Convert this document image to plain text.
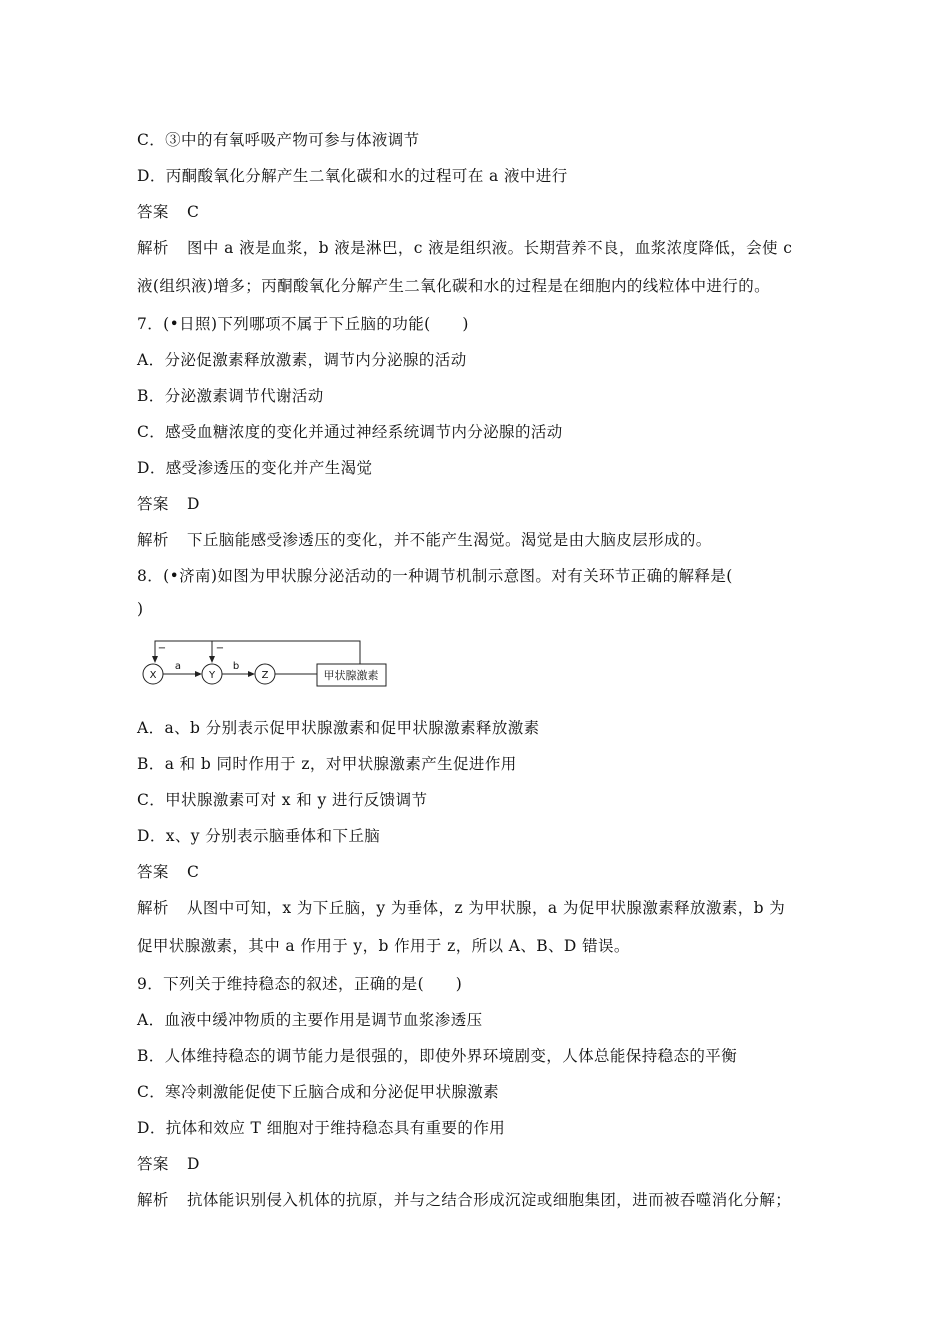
C．③中的有氧呼吸产物可参与体液调节
D．丙酮酸氧化分解产生二氧化碳和水的过程可在 a 液中进行
答案 C
解析 图中 a 液是血浆，b 液是淋巴，c 液是组织液。长期营养不良，血浆浓度降低，会使 c
液(组织液)增多；丙酮酸氧化分解产生二氧化碳和水的过程是在细胞内的线粒体中进行的。
7．(•日照)下列哪项不属于下丘脑的功能(　　)
A．分泌促激素释放激素，调节内分泌腺的活动
B．分泌激素调节代谢活动
C．感受血糖浓度的变化并通过神经系统调节内分泌腺的活动
D．感受渗透压的变化并产生渴觉
答案 D
解析 下丘脑能感受渗透压的变化，并不能产生渴觉。渴觉是由大脑皮层形成的。
8．(•济南)如图为甲状腺分泌活动的一种调节机制示意图。对有关环节正确的解释是(
)
X	Y	Z
a	b
−	−
甲状腺激素
A．a、b 分别表示促甲状腺激素和促甲状腺激素释放激素
B．a 和 b 同时作用于 z，对甲状腺激素产生促进作用
C．甲状腺激素可对 x 和 y 进行反馈调节
D．x、y 分别表示脑垂体和下丘脑
答案 C
解析 从图中可知，x 为下丘脑，y 为垂体，z 为甲状腺，a 为促甲状腺激素释放激素，b 为
促甲状腺激素，其中 a 作用于 y，b 作用于 z，所以 A、B、D 错误。
9．下列关于维持稳态的叙述，正确的是(　　)
A．血液中缓冲物质的主要作用是调节血浆渗透压
B．人体维持稳态的调节能力是很强的，即使外界环境剧变，人体总能保持稳态的平衡
C．寒冷刺激能促使下丘脑合成和分泌促甲状腺激素
D．抗体和效应 T 细胞对于维持稳态具有重要的作用
答案 D
解析 抗体能识别侵入机体的抗原，并与之结合形成沉淀或细胞集团，进而被吞噬消化分解；
